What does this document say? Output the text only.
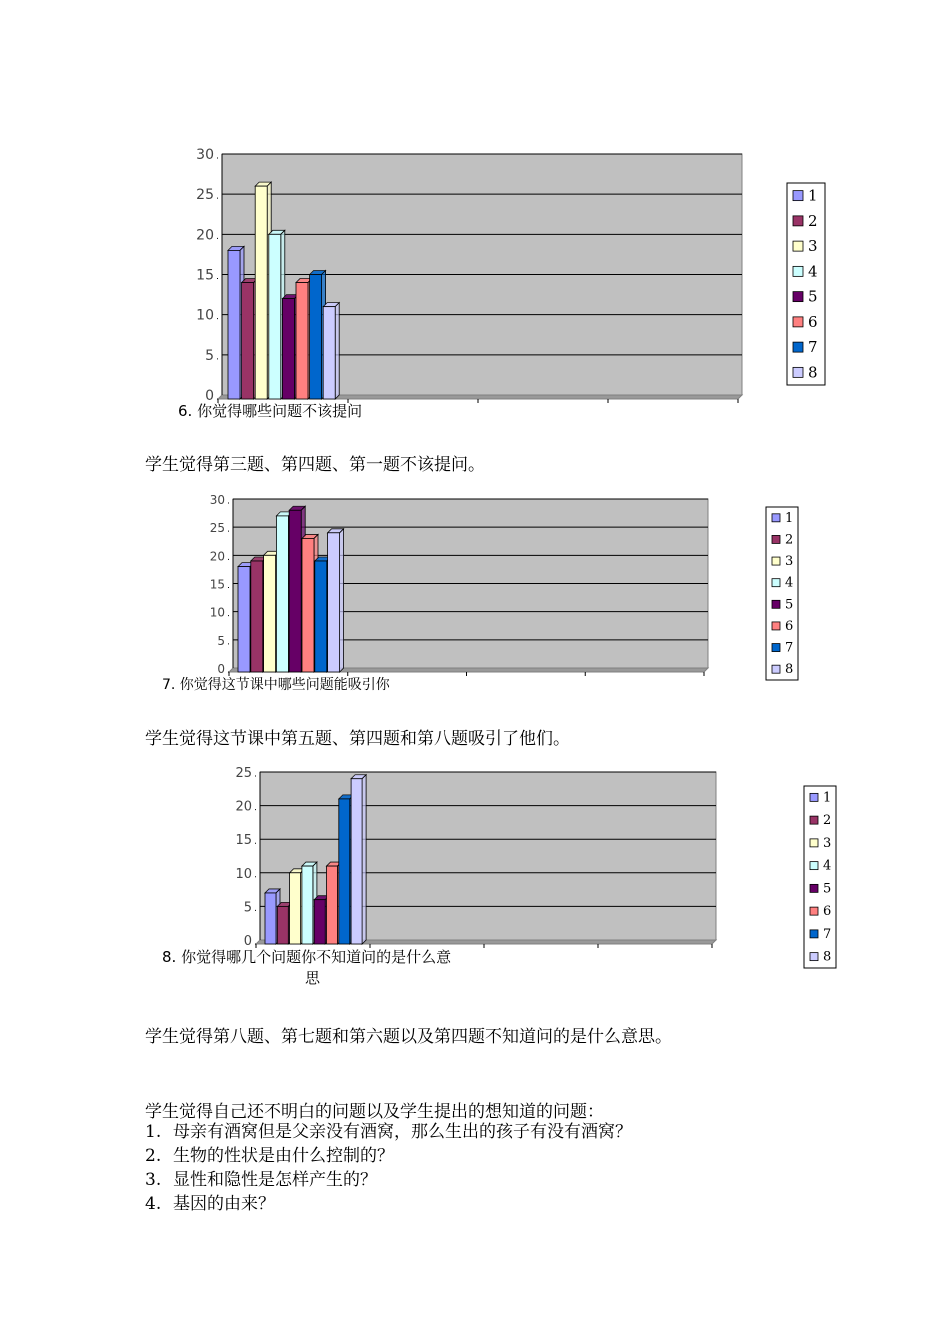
0
5
10
15
20
25
30
1
2
3
4
5
6
7
8
6. 你觉得哪些问题不该提问
学生觉得第三题、第四题、第一题不该提问。
0
5
10
15
20
25
30
1
2
3
4
5
6
7
8
7. 你觉得这节课中哪些问题能吸引你
学生觉得这节课中第五题、第四题和第八题吸引了他们。
0
5
10
15
20
25
1
2
3
4
5
6
7
8
8. 你觉得哪几个问题你不知道问的是什么意
思
学生觉得第八题、第七题和第六题以及第四题不知道问的是什么意思。
学生觉得自己还不明白的问题以及学生提出的想知道的问题：
1. 母亲有酒窝但是父亲没有酒窝，那么生出的孩子有没有酒窝？
2. 生物的性状是由什么控制的？
3. 显性和隐性是怎样产生的？
4. 基因的由来？
